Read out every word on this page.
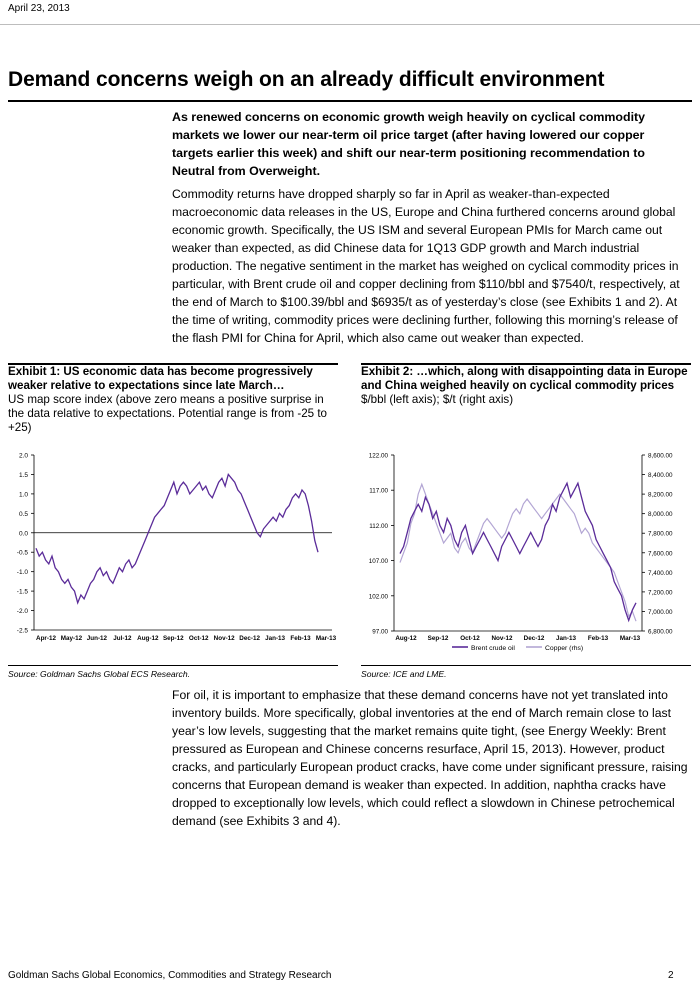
April 23, 2013
Demand concerns weigh on an already difficult environment
As renewed concerns on economic growth weigh heavily on cyclical commodity markets we lower our near-term oil price target (after having lowered our copper targets earlier this week) and shift our near-term positioning recommendation to Neutral from Overweight.
Commodity returns have dropped sharply so far in April as weaker-than-expected macroeconomic data releases in the US, Europe and China furthered concerns around global economic growth. Specifically, the US ISM and several European PMIs for March came out weaker than expected, as did Chinese data for 1Q13 GDP growth and March industrial production. The negative sentiment in the market has weighed on cyclical commodity prices in particular, with Brent crude oil and copper declining from $110/bbl and $7540/t, respectively, at the end of March to $100.39/bbl and $6935/t as of yesterday’s close (see Exhibits 1 and 2). At the time of writing, commodity prices were declining further, following this morning’s release of the flash PMI for China for April, which also came out weaker than expected.
Exhibit 1: US economic data has become progressively weaker relative to expectations since late March…
US map score index (above zero means a positive surprise in the data relative to expectations. Potential range is from -25 to +25)
Exhibit 2: …which, along with disappointing data in Europe and China weighed heavily on cyclical commodity prices
$/bbl (left axis); $/t (right axis)
2.0
1.5
1.0
0.5
0.0
-0.5
-1.0
-1.5
-2.0
-2.5
Apr-12 May-12 Jun-12 Jul-12 Aug-12 Sep-12 Oct-12 Nov-12 Dec-12 Jan-13 Feb-13 Mar-13
122.00
117.00
112.00
107.00
102.00
97.00
8,600.00
8,400.00
8,200.00
8,000.00
7,800.00
7,600.00
7,400.00
7,200.00
7,000.00
6,800.00
Aug-12 Sep-12 Oct-12 Nov-12 Dec-12 Jan-13 Feb-13 Mar-13
Brent crude oil	Copper (rhs)
Source: Goldman Sachs Global ECS Research.	Source: ICE and LME.
For oil, it is important to emphasize that these demand concerns have not yet translated into inventory builds. More specifically, global inventories at the end of March remain close to last year’s low levels, suggesting that the market remains quite tight, (see Energy Weekly: Brent pressured as European and Chinese concerns resurface, April 15, 2013). However, product cracks, and particularly European product cracks, have come under significant pressure, raising concerns that European demand is weaker than expected. In addition, naphtha cracks have dropped to exceptionally low levels, which could reflect a slowdown in Chinese petrochemical demand (see Exhibits 3 and 4).
Goldman Sachs Global Economics, Commodities and Strategy Research	2
